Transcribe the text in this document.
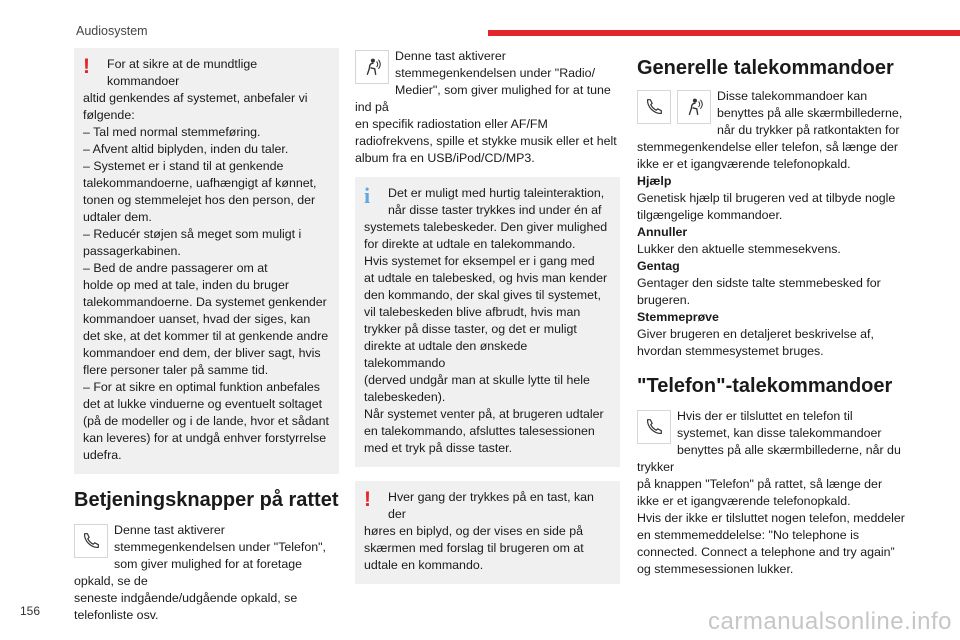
Audiosystem
!	For at sikre at de mundtlige kommandoer
altid genkendes af systemet, anbefaler vi
følgende:
– Tal med normal stemmeføring.
– Afvent altid biplyden, inden du taler.
– Systemet er i stand til at genkende
talekommandoerne, uafhængigt af kønnet,
tonen og stemmelejet hos den person, der
udtaler dem.
– Reducér støjen så meget som muligt i
passagerkabinen.
– Bed de andre passagerer om at
holde op med at tale, inden du bruger
talekommandoerne. Da systemet genkender
kommandoer uanset, hvad der siges, kan
det ske, at det kommer til at genkende andre
kommandoer end dem, der bliver sagt, hvis
flere personer taler på samme tid.
– For at sikre en optimal funktion anbefales
det at lukke vinduerne og eventuelt soltaget
(på de modeller og i de lande, hvor et sådant
kan leveres) for at undgå enhver forstyrrelse
udefra.

Betjeningsknapper på rattet

Denne tast aktiverer
stemmegenkendelsen under "Telefon",
som giver mulighed for at foretage opkald, se de
seneste indgående/udgående opkald, se
telefonliste osv.

Denne tast aktiverer
stemmegenkendelsen under "Radio/
Medier", som giver mulighed for at tune ind på
en specifik radiostation eller AF/FM
radiofrekvens, spille et stykke musik eller et helt
album fra en USB/iPod/CD/MP3.

i	Det er muligt med hurtig taleinteraktion,
når disse taster trykkes ind under én af
systemets talebeskeder. Den giver mulighed
for direkte at udtale en talekommando.
Hvis systemet for eksempel er i gang med
at udtale en talebesked, og hvis man kender
den kommando, der skal gives til systemet,
vil talebeskeden blive afbrudt, hvis man
trykker på disse taster, og det er muligt
direkte at udtale den ønskede talekommando
(derved undgår man at skulle lytte til hele
talebeskeden).
Når systemet venter på, at brugeren udtaler
en talekommando, afsluttes talesessionen
med et tryk på disse taster.

!	Hver gang der trykkes på en tast, kan der
høres en biplyd, og der vises en side på
skærmen med forslag til brugeren om at
udtale en kommando.

Generelle talekommandoer

Disse talekommandoer kan
benyttes på alle skærmbillederne,
når du trykker på ratkontakten for
stemmegenkendelse eller telefon, så længe der
ikke er et igangværende telefonopkald.

Hjælp
Genetisk hjælp til brugeren ved at tilbyde nogle
tilgængelige kommandoer.
Annuller
Lukker den aktuelle stemmesekvens.
Gentag
Gentager den sidste talte stemmebesked for
brugeren.
Stemmeprøve
Giver brugeren en detaljeret beskrivelse af,
hvordan stemmesystemet bruges.
"Telefon"-talekommandoer

Hvis der er tilsluttet en telefon til
systemet, kan disse talekommandoer
benyttes på alle skærmbillederne, når du trykker
på knappen "Telefon" på rattet, så længe der
ikke er et igangværende telefonopkald.
Hvis der ikke er tilsluttet nogen telefon, meddeler
en stemmemeddelelse: "No telephone is
connected. Connect a telephone and try again”
og stemmesessionen lukker.

156	carmanualsonline.info
